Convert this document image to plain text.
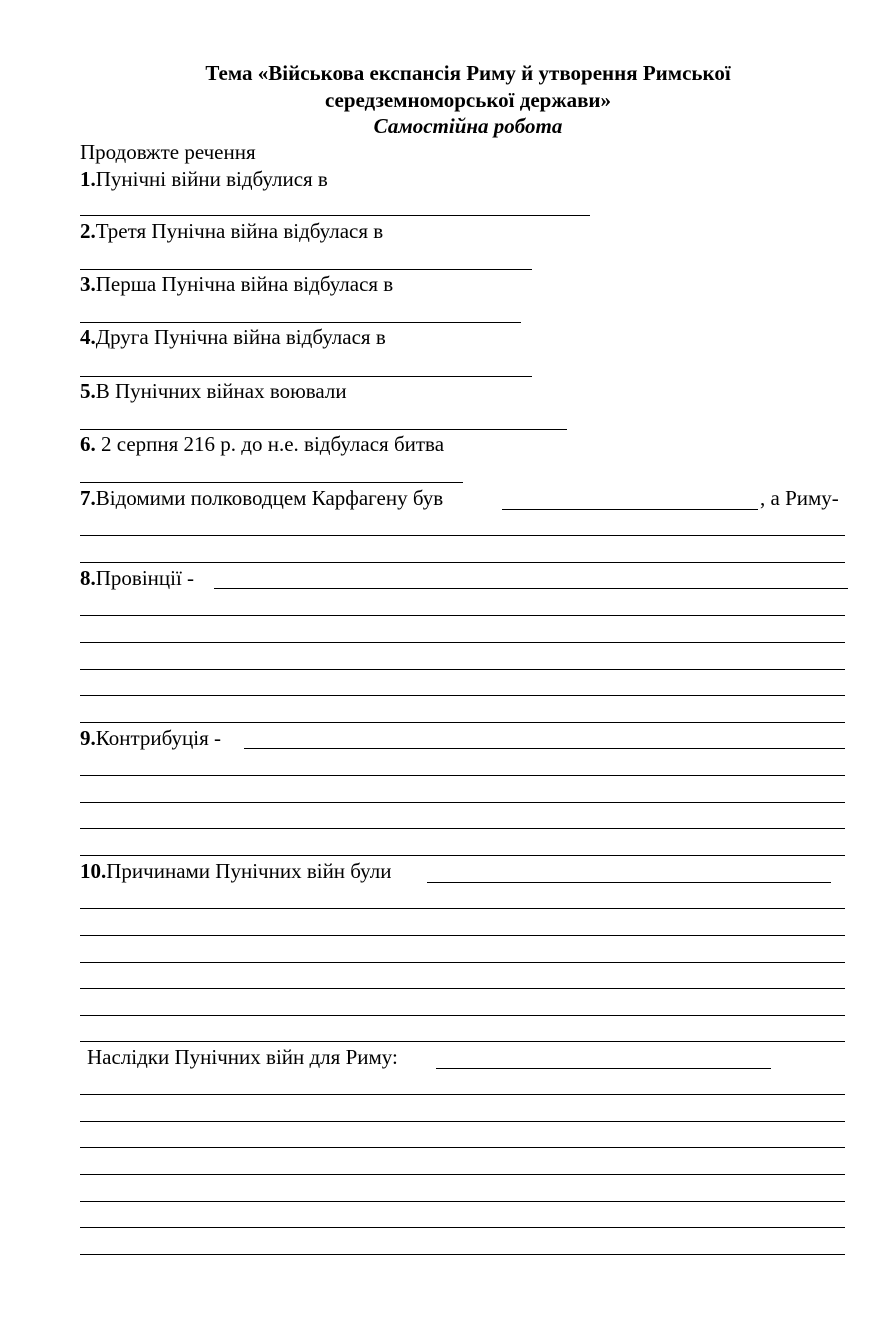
Тема «Військова експансія Риму й утворення Римської
середземноморської держави»
Самостійна робота
Продовжте речення
1.Пунічні війни відбулися в
2.Третя Пунічна війна відбулася в
3.Перша Пунічна війна відбулася в
4.Друга Пунічна війна відбулася в
5.В Пунічних війнах воювали
6. 2 серпня 216 р. до н.е. відбулася битва
7.Відомими полководцем Карфагену був	, а Риму-
8.Провінції -
9.Контрибуція -
10.Причинами Пунічних війн були
Наслідки Пунічних війн для Риму:
